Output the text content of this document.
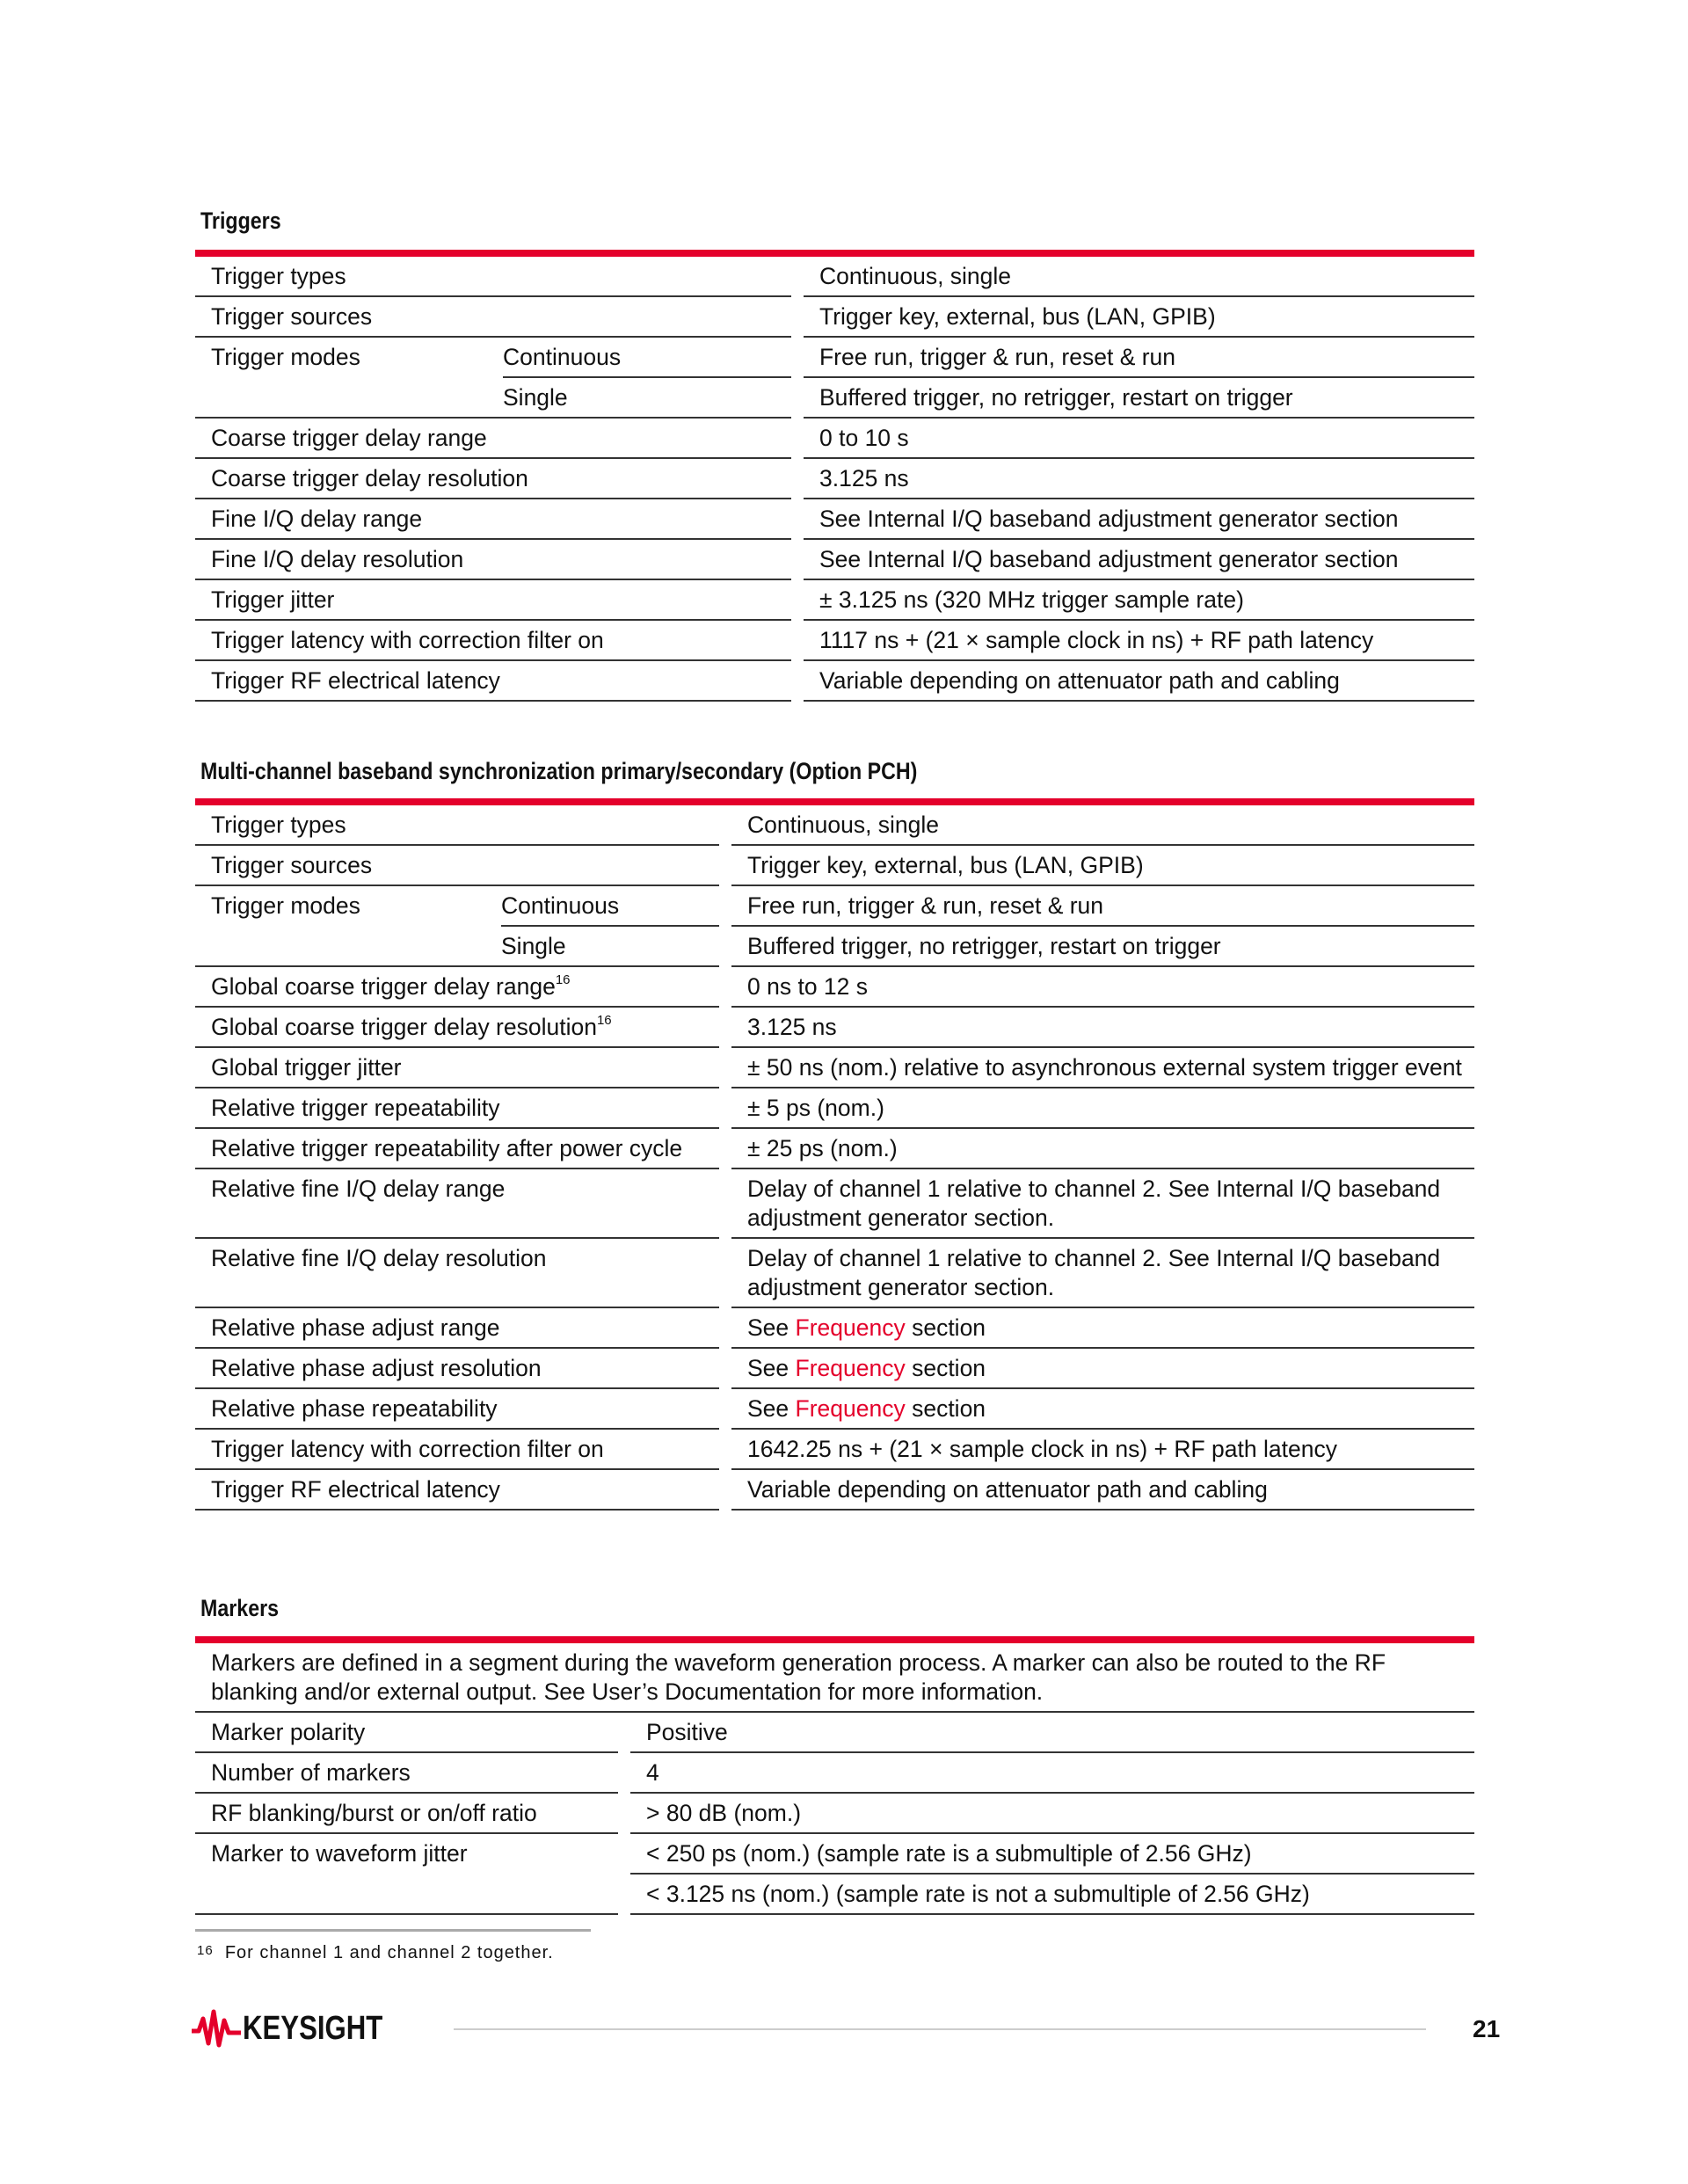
Triggers
Trigger types	Continuous, single
Trigger sources	Trigger key, external, bus (LAN, GPIB)
Trigger modes	Continuous	Free run, trigger & run, reset & run
Single	Buffered trigger, no retrigger, restart on trigger
Coarse trigger delay range	0 to 10 s
Coarse trigger delay resolution	3.125 ns
Fine I/Q delay range	See Internal I/Q baseband adjustment generator section
Fine I/Q delay resolution	See Internal I/Q baseband adjustment generator section
Trigger jitter	± 3.125 ns (320 MHz trigger sample rate)
Trigger latency with correction filter on	1117 ns + (21 × sample clock in ns) + RF path latency
Trigger RF electrical latency	Variable depending on attenuator path and cabling
Multi-channel baseband synchronization primary/secondary (Option PCH)
Trigger types	Continuous, single
Trigger sources	Trigger key, external, bus (LAN, GPIB)
Trigger modes	Continuous	Free run, trigger & run, reset & run
Single	Buffered trigger, no retrigger, restart on trigger
Global coarse trigger delay range$^{16}$	0 ns to 12 s
Global coarse trigger delay resolution$^{16}$	3.125 ns
Global trigger jitter	± 50 ns (nom.) relative to asynchronous external system trigger event
Relative trigger repeatability	± 5 ps (nom.)
Relative trigger repeatability after power cycle	± 25 ps (nom.)
Relative fine I/Q delay range	Delay of channel 1 relative to channel 2. See Internal I/Q baseband adjustment generator section.
Relative fine I/Q delay resolution	Delay of channel 1 relative to channel 2. See Internal I/Q baseband adjustment generator section.
Relative phase adjust range	See Frequency section
Relative phase adjust resolution	See Frequency section
Relative phase repeatability	See Frequency section
Trigger latency with correction filter on	1642.25 ns + (21 × sample clock in ns) + RF path latency
Trigger RF electrical latency	Variable depending on attenuator path and cabling
Markers
Markers are defined in a segment during the waveform generation process. A marker can also be routed to the RF blanking and/or external output. See User’s Documentation for more information.
Marker polarity	Positive
Number of markers	4
RF blanking/burst or on/off ratio	> 80 dB (nom.)
Marker to waveform jitter	< 250 ps (nom.) (sample rate is a submultiple of 2.56 GHz)
< 3.125 ns (nom.) (sample rate is not a submultiple of 2.56 GHz)
$^{16}$ For channel 1 and channel 2 together.
KEYSIGHT	21
